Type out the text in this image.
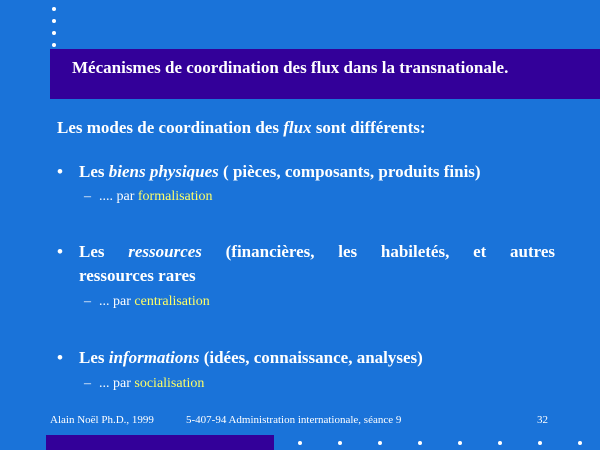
Mécanismes de coordination des flux dans la transnationale.
Les modes de coordination des flux sont différents:
• Les biens physiques ( pièces, composants, produits finis)
– .... par formalisation
• Les ressources (financières, les habiletés, et autres
ressources rares
– ... par centralisation
• Les informations (idées, connaissance, analyses)
– ... par socialisation
Alain Noël Ph.D., 1999	5-407-94 Administration internationale, séance 9	32
